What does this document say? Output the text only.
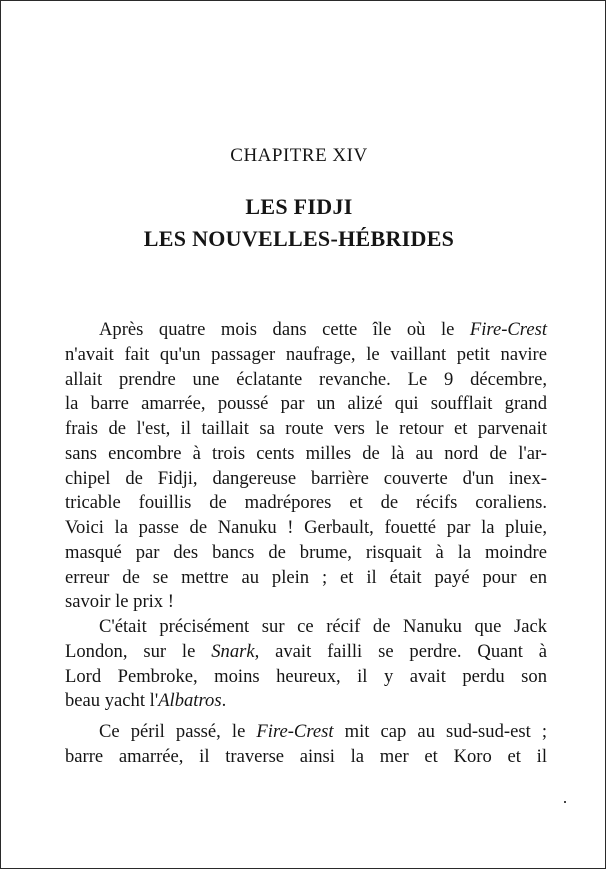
CHAPITRE XIV
LES FIDJI
LES NOUVELLES-HÉBRIDES
Après quatre mois dans cette île où le Fire-Crest
n'avait fait qu'un passager naufrage, le vaillant petit navire
allait prendre une éclatante revanche. Le 9 décembre,
la barre amarrée, poussé par un alizé qui soufflait grand
frais de l'est, il taillait sa route vers le retour et parvenait
sans encombre à trois cents milles de là au nord de l'ar-
chipel de Fidji, dangereuse barrière couverte d'un inex-
tricable fouillis de madrépores et de récifs coraliens.
Voici la passe de Nanuku ! Gerbault, fouetté par la pluie,
masqué par des bancs de brume, risquait à la moindre
erreur de se mettre au plein ; et il était payé pour en
savoir le prix !
C'était précisément sur ce récif de Nanuku que Jack
London, sur le Snark, avait failli se perdre. Quant à
Lord Pembroke, moins heureux, il y avait perdu son
beau yacht l'Albatros.
Ce péril passé, le Fire-Crest mit cap au sud-sud-est ;
barre amarrée, il traverse ainsi la mer et Koro et il
